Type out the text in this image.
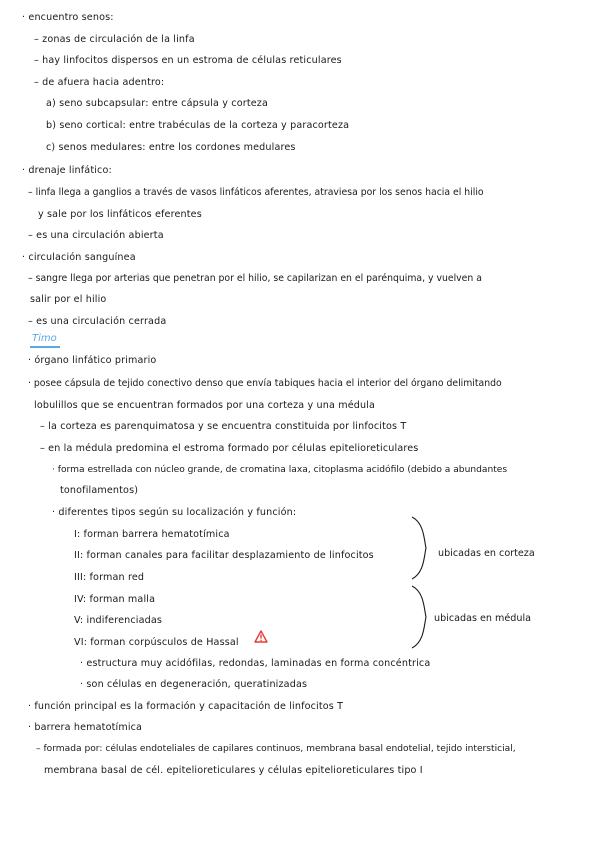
· encuentro senos:
– zonas de circulación de la linfa
– hay linfocitos dispersos en un estroma de células reticulares
– de afuera hacia adentro:
a) seno subcapsular: entre cápsula y corteza
b) seno cortical: entre trabéculas de la corteza y paracorteza
c) senos medulares: entre los cordones medulares
· drenaje linfático:
– linfa llega a ganglios a través de vasos linfáticos aferentes, atraviesa por los senos hacia el hilio
y sale por los linfáticos eferentes
– es una circulación abierta
· circulación sanguínea
– sangre llega por arterias que penetran por el hilio, se capilarizan en el parénquima, y vuelven a
salir por el hilio
– es una circulación cerrada
Timo
· órgano linfático primario
· posee cápsula de tejido conectivo denso que envía tabiques hacia el interior del órgano delimitando
lobulillos que se encuentran formados por una corteza y una médula
– la corteza es parenquimatosa y se encuentra constituida por linfocitos T
– en la médula predomina el estroma formado por células epitelioreticulares
· forma estrellada con núcleo grande, de cromatina laxa, citoplasma acidófilo (debido a abundantes
tonofilamentos)
· diferentes tipos según su localización y función:
I: forman barrera hematotímica
II: forman canales para facilitar desplazamiento de linfocitos
III: forman red
IV: forman malla
V: indiferenciadas
VI: forman corpúsculos de Hassal
ubicadas en corteza
ubicadas en médula
· estructura muy acidófilas, redondas, laminadas en forma concéntrica
· son células en degeneración, queratinizadas
· función principal es la formación y capacitación de linfocitos T
· barrera hematotímica
– formada por: células endoteliales de capilares continuos, membrana basal endotelial, tejido intersticial,
membrana basal de cél. epitelioreticulares y células epitelioreticulares tipo I
